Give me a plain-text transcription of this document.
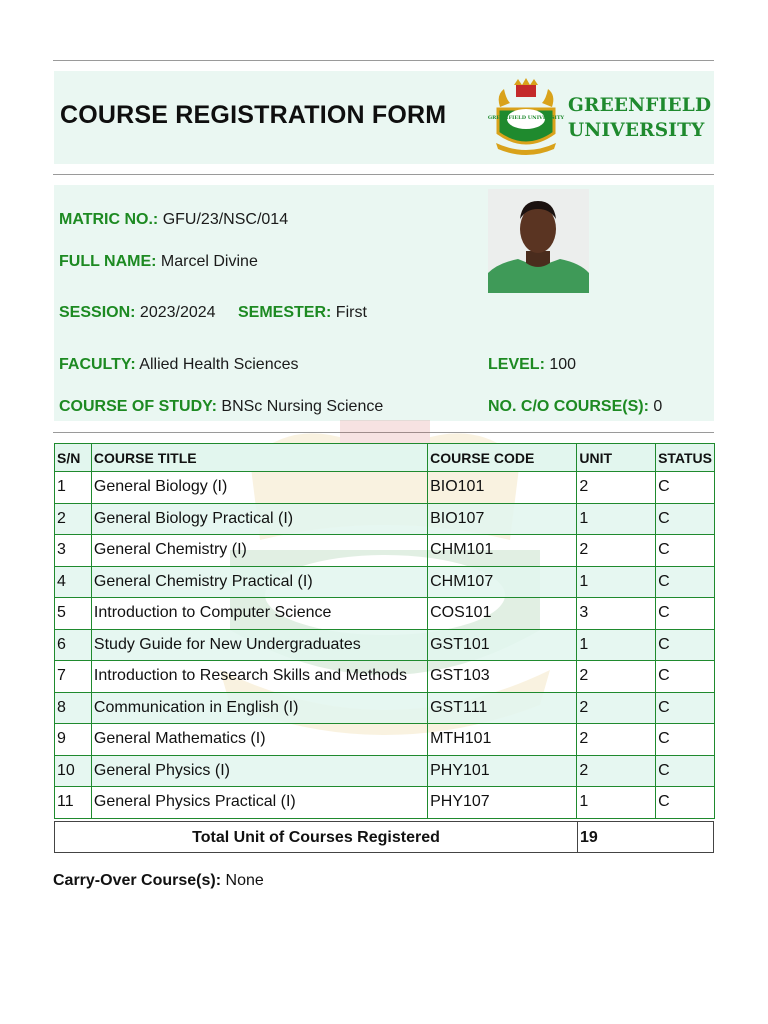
COURSE REGISTRATION FORM	GREENFIELD UNIVERSITY
GREENFIELD
UNIVERSITY
MATRIC NO.: GFU/23/NSC/014
FULL NAME: Marcel Divine
SESSION: 2023/2024 SEMESTER: First
FACULTY: Allied Health Sciences	LEVEL: 100
COURSE OF STUDY: BNSc Nursing Science	NO. C/O COURSE(S): 0
S/N	COURSE TITLE	COURSE CODE	UNIT	STATUS
1	General Biology (I)	BIO101	2	C
2	General Biology Practical (I)	BIO107	1	C
3	General Chemistry (I)	CHM101	2	C
4	General Chemistry Practical (I)	CHM107	1	C
5	Introduction to Computer Science	COS101	3	C
6	Study Guide for New Undergraduates	GST101	1	C
7	Introduction to Research Skills and Methods	GST103	2	C
8	Communication in English (I)	GST111	2	C
9	General Mathematics (I)	MTH101	2	C
10	General Physics (I)	PHY101	2	C
11	General Physics Practical (I)	PHY107	1	C
Total Unit of Courses Registered	19
Carry-Over Course(s): None
